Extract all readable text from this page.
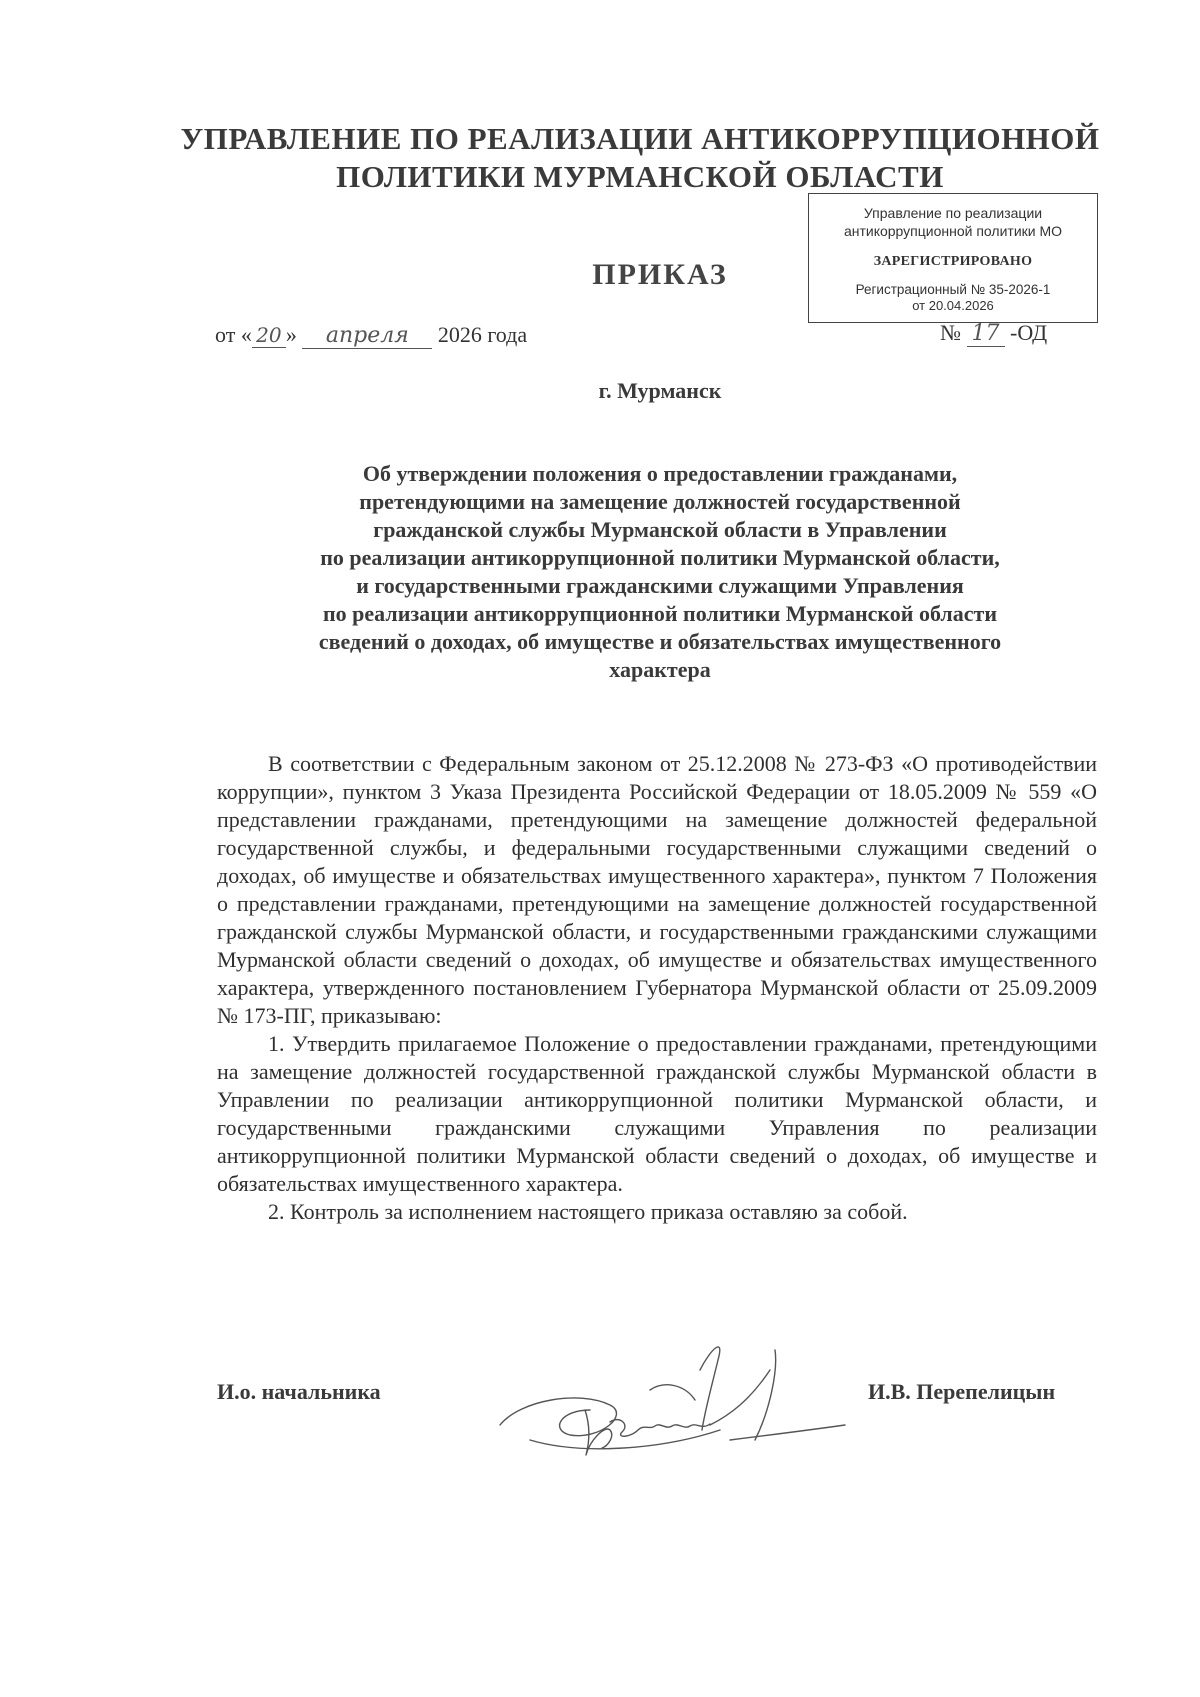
УПРАВЛЕНИЕ ПО РЕАЛИЗАЦИИ АНТИКОРРУПЦИОННОЙ
ПОЛИТИКИ МУРМАНСКОЙ ОБЛАСТИ
Управление по реализации
антикоррупционной политики МО
ЗАРЕГИСТРИРОВАНО
Регистрационный № 35-2026-1
от 20.04.2026
ПРИКАЗ
от « 20 » апреля 2026 года	№ 17 -ОД
г. Мурманск
Об утверждении положения о предоставлении гражданами,
претендующими на замещение должностей государственной
гражданской службы Мурманской области в Управлении
по реализации антикоррупционной политики Мурманской области,
и государственными гражданскими служащими Управления
по реализации антикоррупционной политики Мурманской области
сведений о доходах, об имуществе и обязательствах имущественного
характера

В соответствии с Федеральным законом от 25.12.2008 № 273-ФЗ «О противодействии коррупции», пунктом 3 Указа Президента Российской Федерации от 18.05.2009 № 559 «О представлении гражданами, претендующими на замещение должностей федеральной государственной службы, и федеральными государственными служащими сведений о доходах, об имуществе и обязательствах имущественного характера», пунктом 7 Положения о представлении гражданами, претендующими на замещение должностей государственной гражданской службы Мурманской области, и государственными гражданскими служащими Мурманской области сведений о доходах, об имуществе и обязательствах имущественного характера, утвержденного постановлением Губернатора Мурманской области от 25.09.2009 № 173-ПГ, приказываю:

1. Утвердить прилагаемое Положение о предоставлении гражданами, претендующими на замещение должностей государственной гражданской службы Мурманской области в Управлении по реализации антикоррупционной политики Мурманской области, и государственными гражданскими служащими Управления по реализации антикоррупционной политики Мурманской области сведений о доходах, об имуществе и обязательствах имущественного характера.

2. Контроль за исполнением настоящего приказа оставляю за собой.

И.о. начальника	И.В. Перепелицын
